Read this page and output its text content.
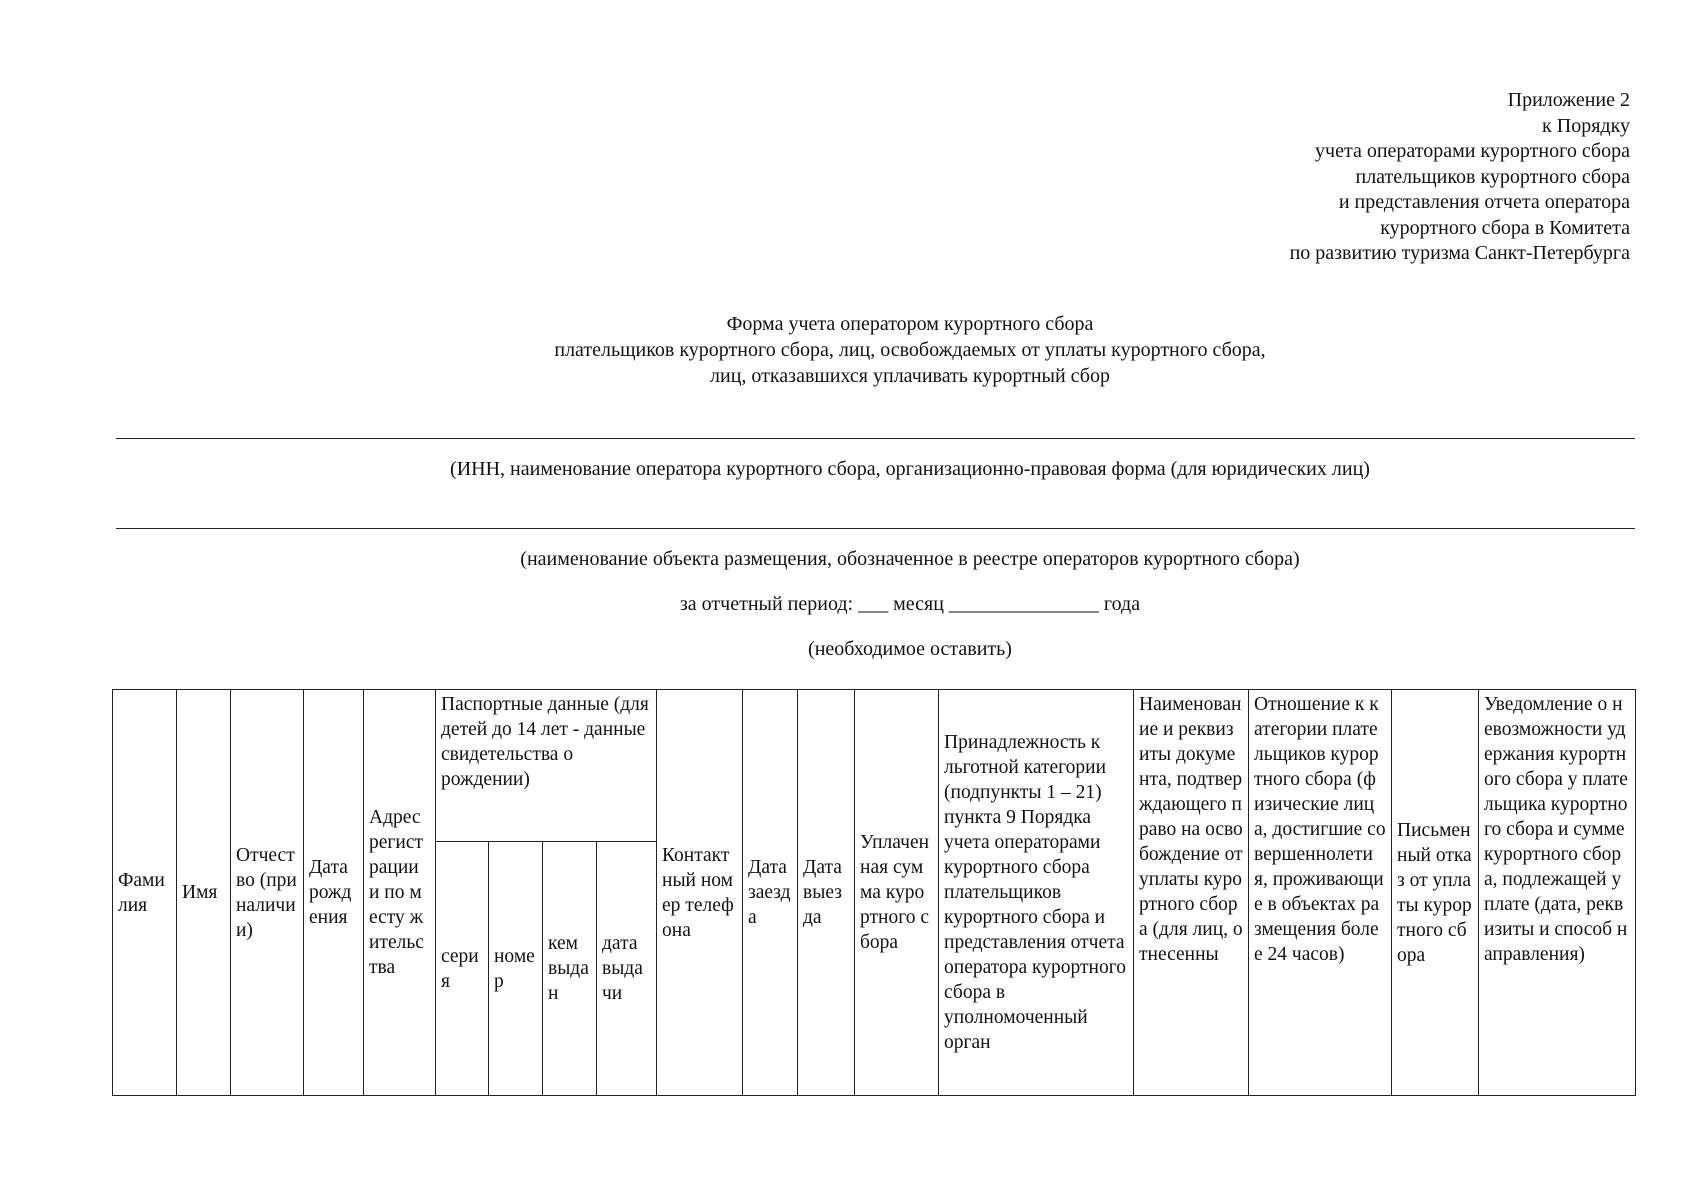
Приложение 2
к Порядку
учета операторами курортного сбора
плательщиков курортного сбора
и представления отчета оператора
курортного сбора в Комитета
по развитию туризма Санкт-Петербурга
Форма учета оператором курортного сбора
плательщиков курортного сбора, лиц, освобождаемых от уплаты курортного сбора,
лиц, отказавшихся уплачивать курортный сбор
(ИНН, наименование оператора курортного сбора, организационно-правовая форма (для юридических лиц)
(наименование объекта размещения, обозначенное в реестре операторов курортного сбора)
за отчетный период: ___ месяц _______________ года
(необходимое оставить)
Фамилия	Имя	Отчество (при наличии)	Дата рождения	Адрес регистрации и по месту жительства	Паспортные данные (для детей до 14 лет - данные свидетельства о рождении)				Контактный номер телефона	Дата заезда	Дата выезда	Уплаченная сумма курортного сбора	Принадлежность к льготной категории (подпункты 1 – 21) пункта 9 Порядка учета операторами курортного сбора плательщиков курортного сбора и представления отчета оператора курортного сбора в уполномоченный орган	Наименование и реквизиты документа, подтверждающего право на освобождение от уплаты курортного сбора (для лиц, отнесенны	Отношение к категории плательщиков курортного сбора (физические лица, достигшие совершеннолетия, проживающие в объектах размещения более 24 часов)	Письменный отказ от уплаты курортного сбора	Уведомление о невозможности удержания курортного сбора у плательщика курортного сбора и сумме курортного сбора, подлежащей уплате (дата, реквизиты и способ направления)
					серия	номер	кем выдан	дата выдачи									
